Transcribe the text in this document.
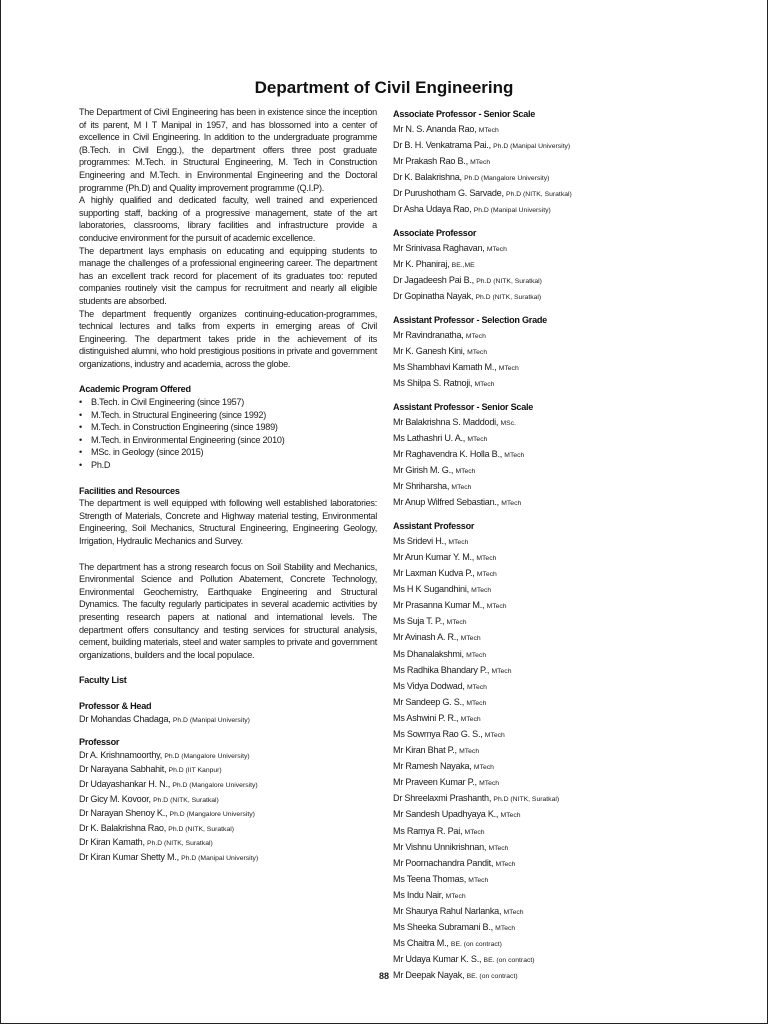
Department of Civil Engineering

The Department of Civil Engineering has been in existence since the inception of its parent, M I T Manipal in 1957, and has blossomed into a center of excellence in Civil Engineering. In addition to the undergraduate programme (B.Tech. in Civil Engg.), the department offers three post graduate programmes: M.Tech. in Structural Engineering, M. Tech in Construction Engineering and M.Tech. in Environmental Engineering and the Doctoral programme (Ph.D) and Quality improvement programme (Q.I.P).

A highly qualified and dedicated faculty, well trained and experienced supporting staff, backing of a progressive management, state of the art laboratories, classrooms, library facilities and infrastructure provide a conducive environment for the pursuit of academic excellence.

The department lays emphasis on educating and equipping students to manage the challenges of a professional engineering career. The department has an excellent track record for placement of its graduates too: reputed companies routinely visit the campus for recruitment and nearly all eligible students are absorbed.

The department frequently organizes continuing-education-programmes, technical lectures and talks from experts in emerging areas of Civil Engineering. The department takes pride in the achievement of its distinguished alumni, who hold prestigious positions in private and government organizations, industry and academia, across the globe.

Academic Program Offered
• B.Tech. in Civil Engineering (since 1957)
• M.Tech. in Structural Engineering (since 1992)
• M.Tech. in Construction Engineering (since 1989)
• M.Tech. in Environmental Engineering (since 2010)
• MSc. in Geology (since 2015)
• Ph.D
Facilities and Resources

The department is well equipped with following well established laboratories: Strength of Materials, Concrete and Highway material testing, Environmental Engineering, Soil Mechanics, Structural Engineering, Engineering Geology, Irrigation, Hydraulic Mechanics and Survey.

The department has a strong research focus on Soil Stability and Mechanics, Environmental Science and Pollution Abatement, Concrete Technology, Environmental Geochemistry, Earthquake Engineering and Structural Dynamics. The faculty regularly participates in several academic activities by presenting research papers at national and international levels. The department offers consultancy and testing services for structural analysis, cement, building materials, steel and water samples to private and government organizations, builders and the local populace.

Faculty List
Professor & Head
Dr Mohandas Chadaga, Ph.D (Manipal University)
Professor
Dr A. Krishnamoorthy, Ph.D (Mangalore University)
Dr Narayana Sabhahit, Ph.D (IIT Kanpur)
Dr Udayashankar H. N., Ph.D (Mangalore University)
Dr Gicy M. Kovoor, Ph.D (NITK, Suratkal)
Dr Narayan Shenoy K., Ph.D (Mangalore University)
Dr K. Balakrishna Rao, Ph.D (NITK, Suratkal)
Dr Kiran Kamath, Ph.D (NITK, Suratkal)
Dr Kiran Kumar Shetty M., Ph.D (Manipal University)
Associate Professor - Senior Scale
Mr N. S. Ananda Rao, MTech
Dr B. H. Venkatrama Pai., Ph.D (Manipal University)
Mr Prakash Rao B., MTech
Dr K. Balakrishna, Ph.D (Mangalore University)
Dr Purushotham G. Sarvade, Ph.D (NITK, Suratkal)
Dr Asha Udaya Rao, Ph.D (Manipal University)
Associate Professor
Mr Srinivasa Raghavan, MTech
Mr K. Phaniraj, BE.,ME
Dr Jagadeesh Pai B., Ph.D (NITK, Suratkal)
Dr Gopinatha Nayak, Ph.D (NITK, Suratkal)
Assistant Professor - Selection Grade
Mr Ravindranatha, MTech
Mr K. Ganesh Kini, MTech
Ms Shambhavi Kamath M., MTech
Ms Shilpa S. Ratnoji, MTech
Assistant Professor - Senior Scale
Mr Balakrishna S. Maddodi, MSc.
Ms Lathashri U. A., MTech
Mr Raghavendra K. Holla B., MTech
Mr Girish M. G., MTech
Mr Shriharsha, MTech
Mr Anup Wilfred Sebastian., MTech
Assistant Professor
Ms Sridevi H., MTech
Mr Arun Kumar Y. M., MTech
Mr Laxman Kudva P., MTech
Ms H K Sugandhini, MTech
Mr Prasanna Kumar M., MTech
Ms Suja T. P., MTech
Mr Avinash A. R., MTech
Ms Dhanalakshmi, MTech
Ms Radhika Bhandary P., MTech
Ms Vidya Dodwad, MTech
Mr Sandeep G. S., MTech
Ms Ashwini P. R., MTech
Ms Sowmya Rao G. S., MTech
Mr Kiran Bhat P., MTech
Mr Ramesh Nayaka, MTech
Mr Praveen Kumar P., MTech
Dr Shreelaxmi Prashanth, Ph.D (NITK, Suratkal)
Mr Sandesh Upadhyaya K., MTech
Ms Ramya R. Pai, MTech
Mr Vishnu Unnikrishnan, MTech
Mr Poornachandra Pandit, MTech
Ms Teena Thomas, MTech
Ms Indu Nair, MTech
Mr Shaurya Rahul Narlanka, MTech
Ms Sheeka Subramani B., MTech
Ms Chaitra M., BE. (on contract)
Mr Udaya Kumar K. S., BE. (on contract)
Mr Deepak Nayak, BE. (on contract)
88
